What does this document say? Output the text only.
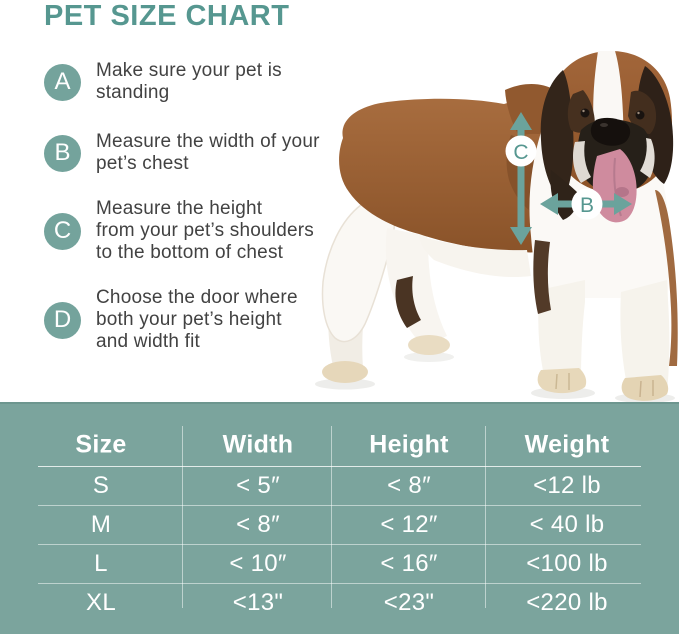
PET SIZE CHART
A	Make sure your pet is
standing
B	Measure the width of your
pet’s chest
C
Measure the height
from your pet’s shoulders
to the bottom of chest
D
Choose the door where
both your pet’s height
and width fit
C
B
Size	Width	Height	Weight
S	< 5″	< 8″	<12 lb
M	< 8″	< 12″	< 40 lb
L	< 10″	< 16″	<100 lb
XL	<13"	<23"	<220 lb
